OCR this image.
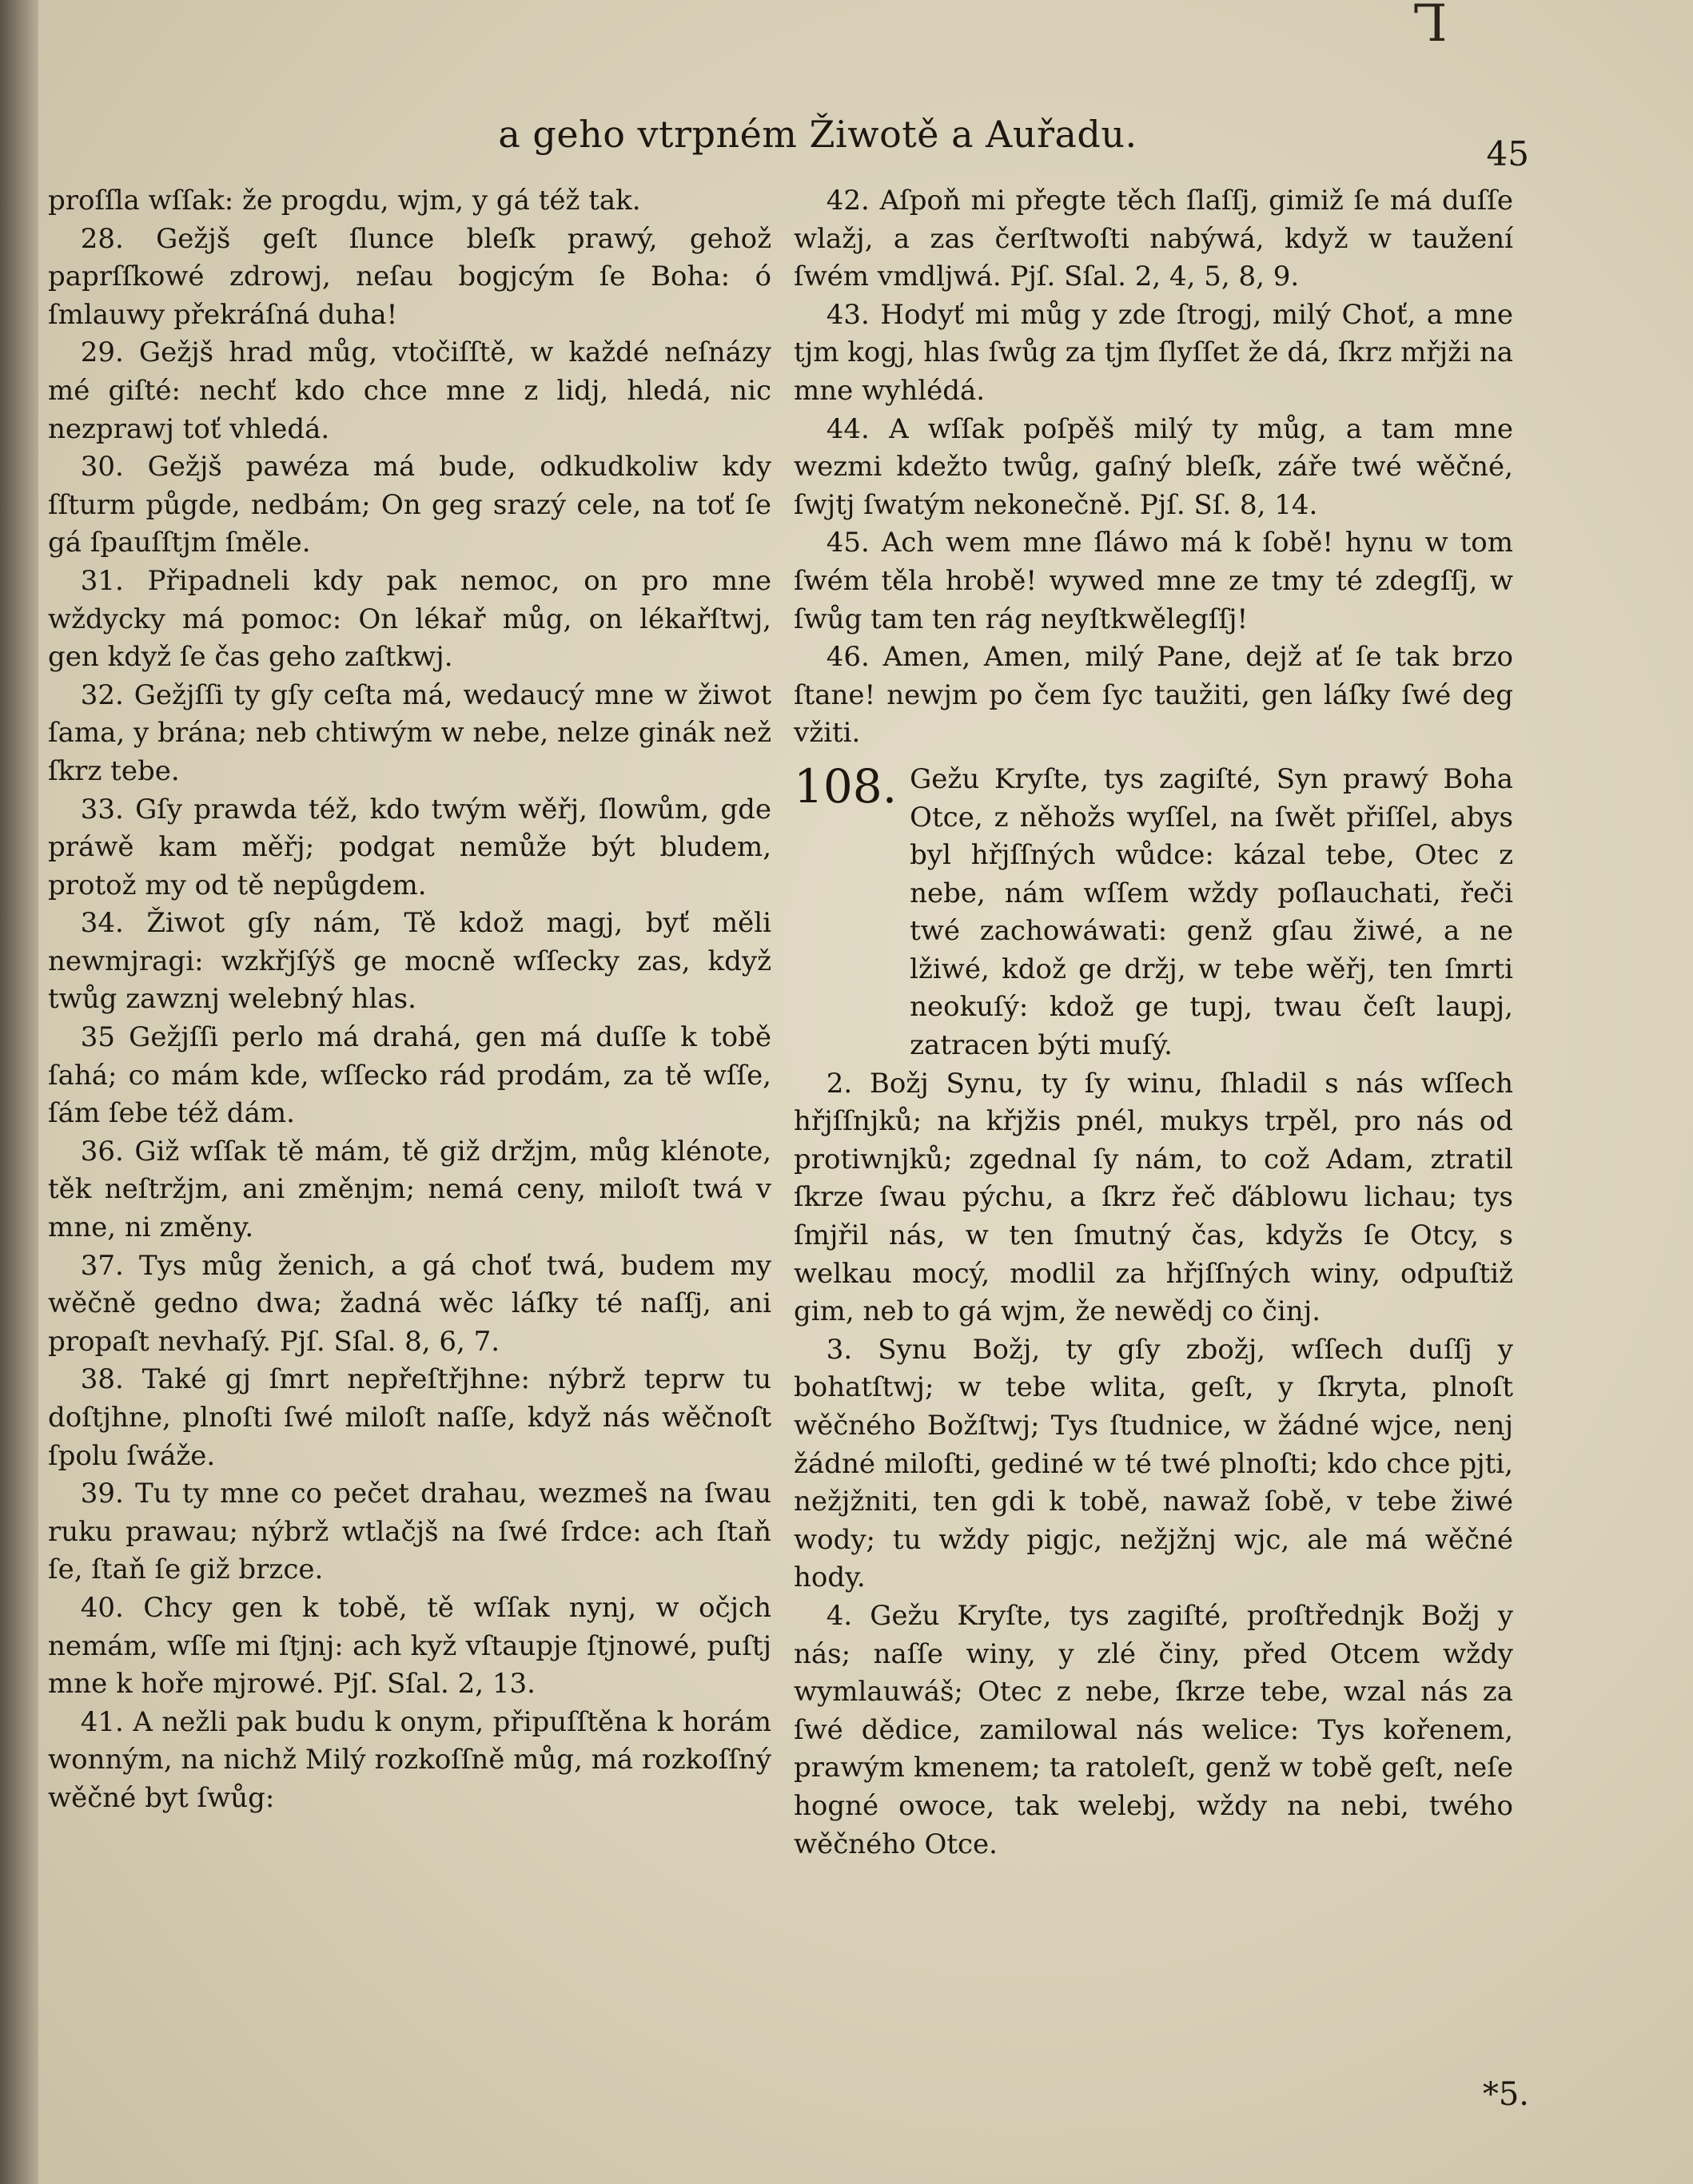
Ꞁ
a geho vtrpném Žiwotě a Auřadu.	45

proſſla wſſak: že progdu, wjm, y gá též tak.

28. Gežjš geſt ſlunce bleſk prawý, gehož paprſſkowé zdrowj, neſau bogjcým ſe Boha: ó ſmlauwy překráſná duha!

29. Gežjš hrad můg, vtočiſſtě, w každé neſnázy mé giſté: nechť kdo chce mne z lidj, hledá, nic nezprawj toť vhledá.

30. Gežjš pawéza má bude, odkudkoliw kdy ſſturm půgde, nedbám; On geg srazý cele, na toť ſe gá ſpauſſtjm ſměle.

31. Připadneli kdy pak nemoc, on pro mne wždycky má pomoc: On lékař můg, on lékařſtwj, gen když ſe čas geho zaſtkwj.

32. Gežjſſi ty gſy ceſta má, wedaucý mne w žiwot ſama, y brána; neb chtiwým w nebe, nelze ginák než ſkrz tebe.

33. Gſy prawda též, kdo twým wěřj, ſlowům, gde práwě kam měřj; podgat nemůže být bludem, protož my od tě nepůgdem.

34. Žiwot gſy nám, Tě kdož magj, byť měli newmjragi: wzkřjſýš ge mocně wſſecky zas, když twůg zawznj welebný hlas.

35 Gežjſſi perlo má drahá, gen má duſſe k tobě ſahá; co mám kde, wſſecko rád prodám, za tě wſſe, ſám ſebe též dám.

36. Giž wſſak tě mám, tě giž držjm, můg klénote, těk neſtržjm, ani změnjm; nemá ceny, miloſt twá v mne, ni změny.

37. Tys můg ženich, a gá choť twá, budem my wěčně gedno dwa; žadná wěc láſky té naſſj, ani propaſt nevhaſý. Pjſ. Sſal. 8, 6, 7.

38. Také gj ſmrt nepřeſtřjhne: nýbrž teprw tu doſtjhne, plnoſti ſwé miloſt naſſe, když nás wěčnoſt ſpolu ſwáže.

39. Tu ty mne co pečet drahau, wezmeš na ſwau ruku prawau; nýbrž wtlačjš na ſwé ſrdce: ach ſtaň ſe, ſtaň ſe giž brzce.

40. Chcy gen k tobě, tě wſſak nynj, w očjch nemám, wſſe mi ſtjnj: ach kyž vſtaupje ſtjnowé, puſtj mne k hoře mjrowé. Pjſ. Sſal. 2, 13.

41. A nežli pak budu k onym, připuſſtěna k horám wonným, na nichž Milý rozkoſſně můg, má rozkoſſný wěčné byt ſwůg:

42. Aſpoň mi přegte těch ſlaſſj, gimiž ſe má duſſe wlažj, a zas čerſtwoſti nabýwá, když w taužení ſwém vmdljwá. Pjſ. Sſal. 2, 4, 5, 8, 9.

43. Hodyť mi můg y zde ſtrogj, milý Choť, a mne tjm kogj, hlas ſwůg za tjm ſlyſſet že dá, ſkrz mřjži na mne wyhlédá.

44. A wſſak poſpěš milý ty můg, a tam mne wezmi kdežto twůg, gaſný bleſk, záře twé wěčné, ſwjtj ſwatým nekonečně. Pjſ. Sſ. 8, 14.

45. Ach wem mne ſláwo má k ſobě! hynu w tom ſwém těla hrobě! wywed mne ze tmy té zdegſſj, w ſwůg tam ten rág neyſtkwělegſſj!

46. Amen, Amen, milý Pane, dejž ať ſe tak brzo ſtane! newjm po čem ſyc taužiti, gen láſky ſwé deg vžiti.

108. Gežu Kryſte, tys zagiſté, Syn prawý Boha Otce, z něhožs wyſſel, na ſwět přiſſel, abys byl hřjſſných wůdce: kázal tebe, Otec z nebe, nám wſſem wždy poſlauchati, řeči twé zachowáwati: genž gſau žiwé, a ne lžiwé, kdož ge držj, w tebe wěřj, ten ſmrti neokuſý: kdož ge tupj, twau čeſt laupj, zatracen býti muſý.

2. Božj Synu, ty ſy winu, ſhladil s nás wſſech hřjſſnjků; na křjžis pnél, mukys trpěl, pro nás od protiwnjků; zgednal ſy nám, to což Adam, ztratil ſkrze ſwau pýchu, a ſkrz řeč ďáblowu lichau; tys ſmjřil nás, w ten ſmutný čas, kdyžs ſe Otcy, s welkau mocý, modlil za hřjſſných winy, odpuſtiž gim, neb to gá wjm, že newědj co činj.

3. Synu Božj, ty gſy zbožj, wſſech duſſj y bohatſtwj; w tebe wlita, geſt, y ſkryta, plnoſt wěčného Božſtwj; Tys ſtudnice, w žádné wjce, nenj žádné miloſti, gediné w té twé plnoſti; kdo chce pjti, nežjžniti, ten gdi k tobě, nawaž ſobě, v tebe žiwé wody; tu wždy pigjc, nežjžnj wjc, ale má wěčné hody.

4. Gežu Kryſte, tys zagiſté, proſtřednjk Božj y nás; naſſe winy, y zlé činy, před Otcem wždy wymlauwáš; Otec z nebe, ſkrze tebe, wzal nás za ſwé dědice, zamilowal nás welice: Tys kořenem, prawým kmenem; ta ratoleſt, genž w tobě geſt, neſe hogné owoce, tak welebj, wždy na nebi, twého wěčného Otce.

*5.
